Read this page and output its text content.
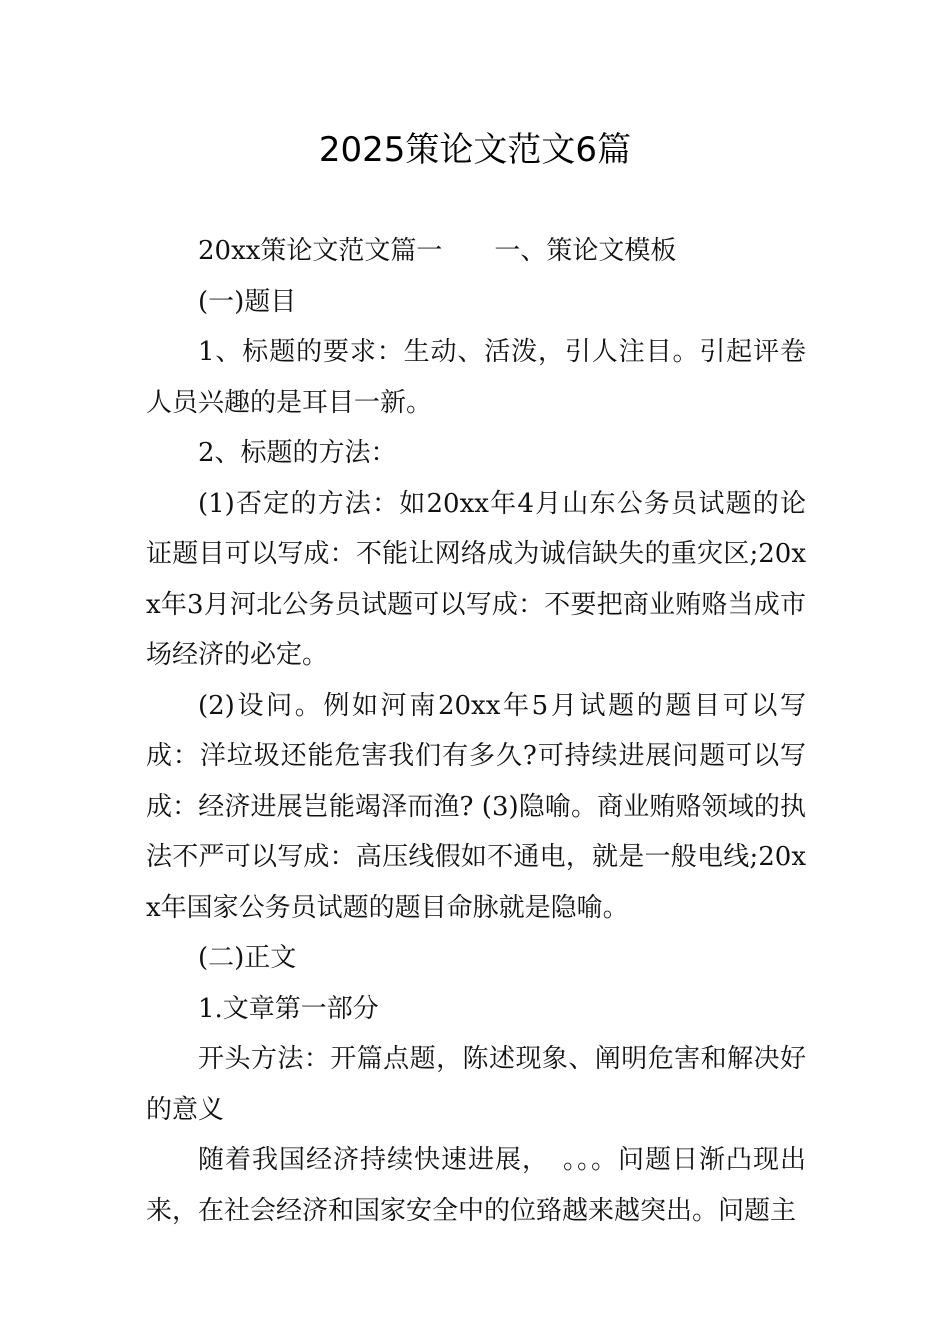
2025策论文范文6篇

20xx策论文范文篇一　　一、策论文模板

(一)题目

1、标题的要求：生动、活泼，引人注目。引起评卷人员兴趣的是耳目一新。

2、标题的方法：

(1)否定的方法：如20xx年4月山东公务员试题的论证题目可以写成：不能让网络成为诚信缺失的重灾区;20xx年3月河北公务员试题可以写成：不要把商业贿赂当成市场经济的必定。

(2)设问。例如河南20xx年5月试题的题目可以写成：洋垃圾还能危害我们有多久?可持续进展问题可以写成：经济进展岂能竭泽而渔? (3)隐喻。商业贿赂领域的执法不严可以写成：高压线假如不通电，就是一般电线;20xx年国家公务员试题的题目命脉就是隐喻。

(二)正文

1.文章第一部分

开头方法：开篇点题，陈述现象、阐明危害和解决好的意义

随着我国经济持续快速进展，　。。。问题日渐凸现出来，在社会经济和国家安全中的位臵越来越突出。问题主
